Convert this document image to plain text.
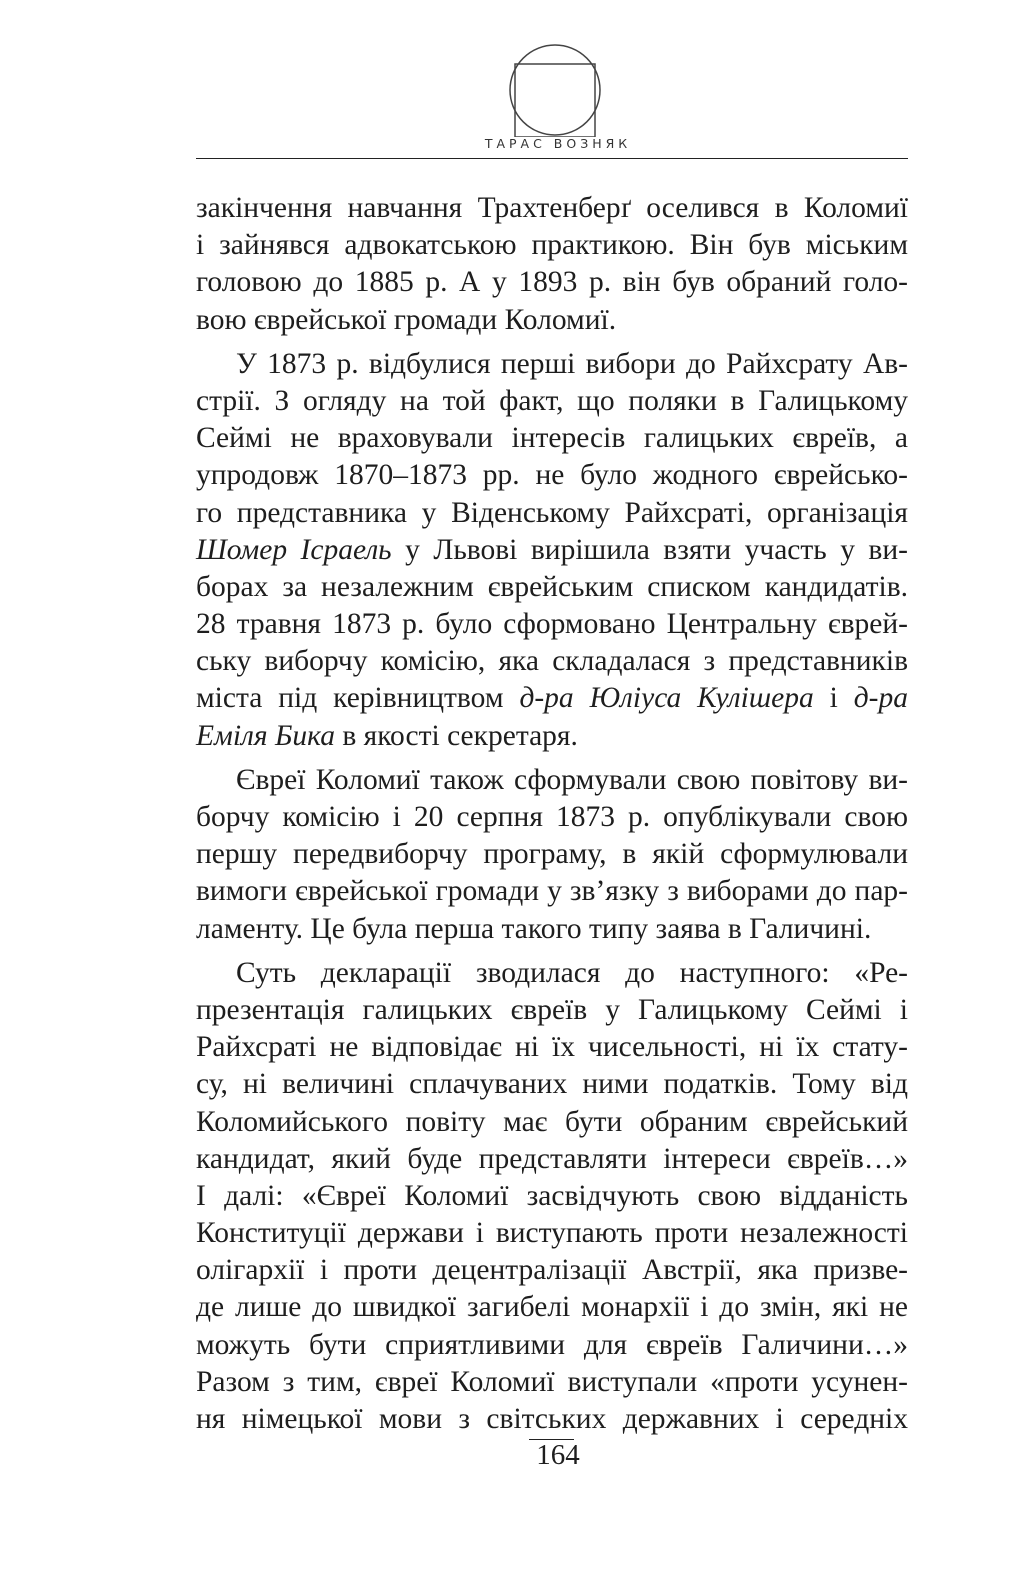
ТАРАС ВОЗНЯК
закінчення навчання Трахтенберґ оселився в Коломиї
і зайнявся адвокатською практикою. Він був міським
головою до 1885 р. А у 1893 р. він був обраний голо-
вою єврейської громади Коломиї.
У 1873 р. відбулися перші вибори до Райхсрату Ав-
стрії. З огляду на той факт, що поляки в Галицькому
Сеймі не враховували інтересів галицьких євреїв, а
упродовж 1870–1873 рр. не було жодного єврейсько-
го представника у Віденському Райхсраті, організація
Шомер Ісраель у Львові вирішила взяти участь у ви-
борах за незалежним єврейським списком кандидатів.
28 травня 1873 р. було сформовано Центральну єврей-
ську виборчу комісію, яка складалася з представників
міста під керівництвом д-ра Юліуса Кулішера і д-ра
Еміля Бика в якості секретаря.
Євреї Коломиї також сформували свою повітову ви-
борчу комісію і 20 серпня 1873 р. опублікували свою
першу передвиборчу програму, в якій сформулювали
вимоги єврейської громади у зв’язку з виборами до пар-
ламенту. Це була перша такого типу заява в Галичині.
Суть декларації зводилася до наступного: «Ре-
презентація галицьких євреїв у Галицькому Сеймі і
Райхсраті не відповідає ні їх чисельності, ні їх стату-
су, ні величині сплачуваних ними податків. Тому від
Коломийського повіту має бути обраним єврейський
кандидат, який буде представляти інтереси євреїв…»
І далі: «Євреї Коломиї засвідчують свою відданість
Конституції держави і виступають проти незалежності
олігархії і проти децентралізації Австрії, яка призве-
де лише до швидкої загибелі монархії і до змін, які не
можуть бути сприятливими для євреїв Галичини…»
Разом з тим, євреї Коломиї виступали «проти усунен-
ня німецької мови з світських державних і середніх
164
